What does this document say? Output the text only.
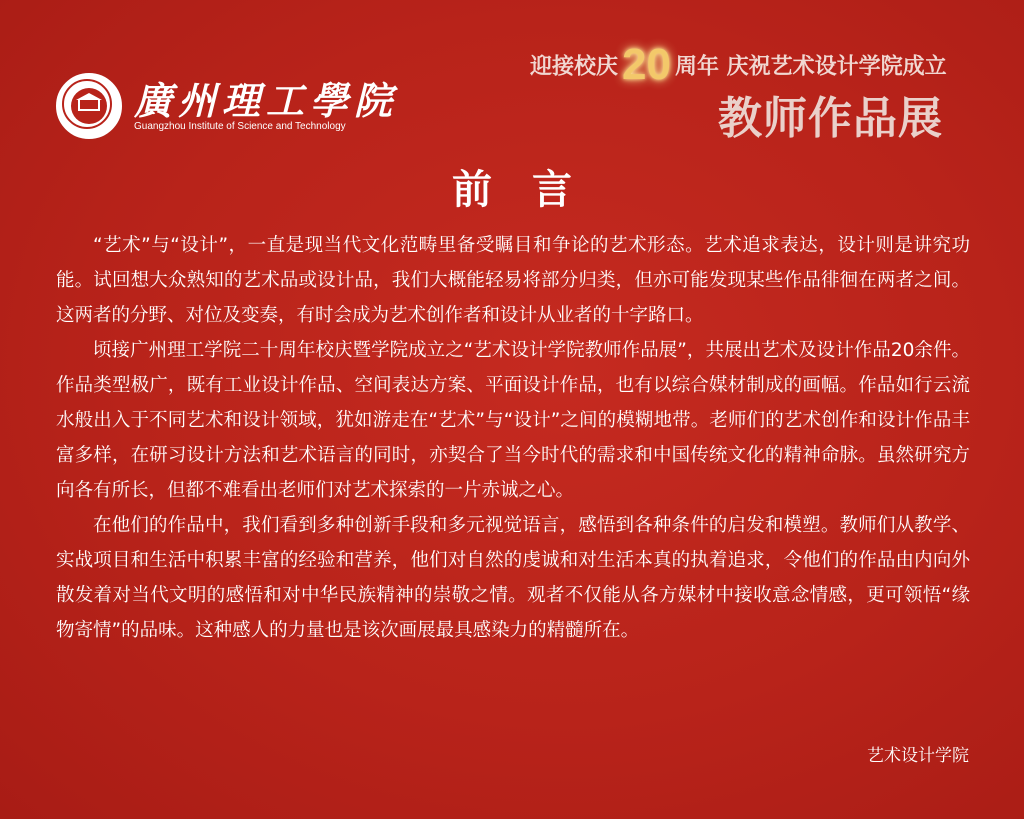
廣州理工學院
Guangzhou Institute of Science and Technology
迎接校庆20 周年 庆祝艺术设计学院成立
教师作品展
前言

“艺术”与“设计”，一直是现当代文化范畴里备受瞩目和争论的艺术形态。艺术追求表达，设计则是讲究功能。试回想大众熟知的艺术品或设计品，我们大概能轻易将部分归类，但亦可能发现某些作品徘徊在两者之间。这两者的分野、对位及变奏，有时会成为艺术创作者和设计从业者的十字路口。

顷接广州理工学院二十周年校庆暨学院成立之“艺术设计学院教师作品展”，共展出艺术及设计作品20余件。作品类型极广，既有工业设计作品、空间表达方案、平面设计作品，也有以综合媒材制成的画幅。作品如行云流水般出入于不同艺术和设计领域，犹如游走在“艺术”与“设计”之间的模糊地带。老师们的艺术创作和设计作品丰富多样，在研习设计方法和艺术语言的同时，亦契合了当今时代的需求和中国传统文化的精神命脉。虽然研究方向各有所长，但都不难看出老师们对艺术探索的一片赤诚之心。

在他们的作品中，我们看到多种创新手段和多元视觉语言，感悟到各种条件的启发和模塑。教师们从教学、实战项目和生活中积累丰富的经验和营养，他们对自然的虔诚和对生活本真的执着追求，令他们的作品由内向外散发着对当代文明的感悟和对中华民族精神的崇敬之情。观者不仅能从各方媒材中接收意念情感，更可领悟“缘物寄情”的品味。这种感人的力量也是该次画展最具感染力的精髓所在。

艺术设计学院
